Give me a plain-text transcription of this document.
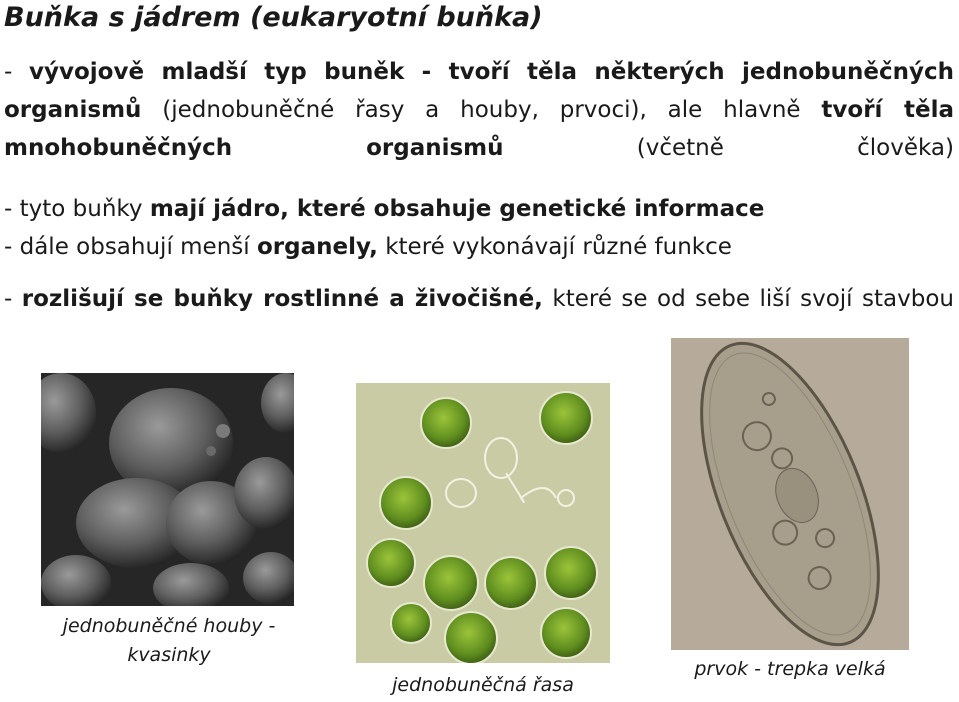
Buňka s jádrem (eukaryotní buňka)
- vývojově mladší typ buněk - tvoří těla některých jednobuněčných organismů (jednobuněčné řasy a houby, prvoci), ale hlavně tvoří těla mnohobuněčných organismů (včetně člověka)
- tyto buňky mají jádro, které obsahuje genetické informace
- dále obsahují menší organely, které vykonávají různé funkce
- rozlišují se buňky rostlinné a živočišné, které se od sebe liší svojí stavbou
jednobuněčné houby -
kvasinky
jednobuněčná řasa
prvok - trepka velká
